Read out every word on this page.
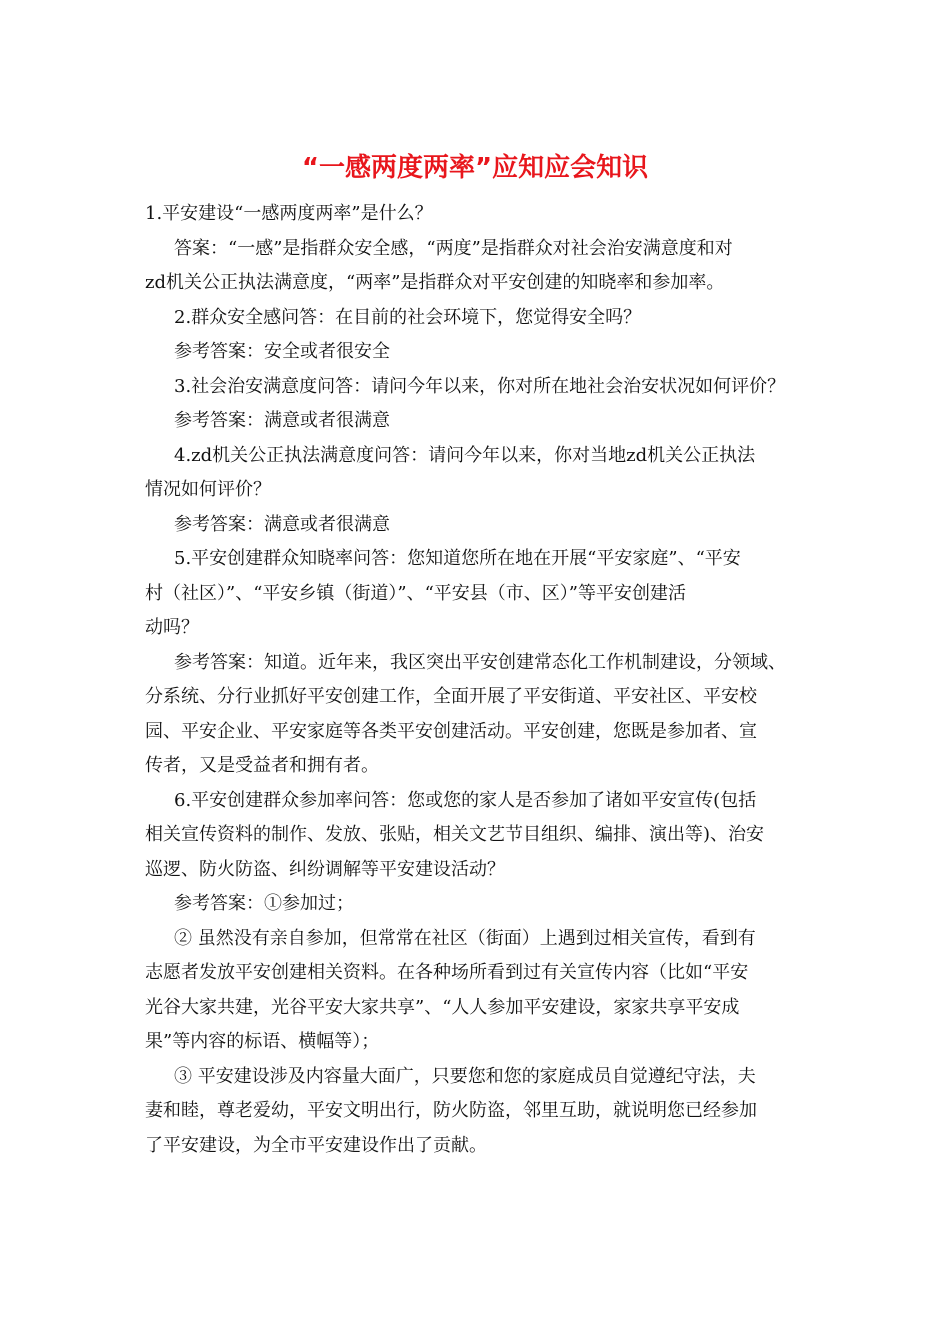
“一感两度两率”应知应会知识

1.平安建设“一感两度两率”是什么？

答案：“一感”是指群众安全感，“两度”是指群众对社会治安满意度和对

zd机关公正执法满意度，“两率”是指群众对平安创建的知晓率和参加率。

2.群众安全感问答：在目前的社会环境下，您觉得安全吗？

参考答案：安全或者很安全

3.社会治安满意度问答：请问今年以来，你对所在地社会治安状况如何评价？

参考答案：满意或者很满意

4.zd机关公正执法满意度问答：请问今年以来，你对当地zd机关公正执法

情况如何评价？

参考答案：满意或者很满意

5.平安创建群众知晓率问答：您知道您所在地在开展“平安家庭”、“平安

村（社区）”、“平安乡镇（街道）”、“平安县（市、区）”等平安创建活

动吗？

参考答案：知道。近年来，我区突出平安创建常态化工作机制建设，分领域、

分系统、分行业抓好平安创建工作，全面开展了平安街道、平安社区、平安校

园、平安企业、平安家庭等各类平安创建活动。平安创建，您既是参加者、宣

传者，又是受益者和拥有者。

6.平安创建群众参加率问答：您或您的家人是否参加了诸如平安宣传(包括

相关宣传资料的制作、发放、张贴，相关文艺节目组织、编排、演出等)、治安

巡逻、防火防盗、纠纷调解等平安建设活动？

参考答案：①参加过；

② 虽然没有亲自参加，但常常在社区（街面）上遇到过相关宣传，看到有

志愿者发放平安创建相关资料。在各种场所看到过有关宣传内容（比如“平安

光谷大家共建，光谷平安大家共享”、“人人参加平安建设，家家共享平安成

果”等内容的标语、横幅等）；

③ 平安建设涉及内容量大面广，只要您和您的家庭成员自觉遵纪守法，夫

妻和睦，尊老爱幼，平安文明出行，防火防盗，邻里互助，就说明您已经参加

了平安建设，为全市平安建设作出了贡献。
